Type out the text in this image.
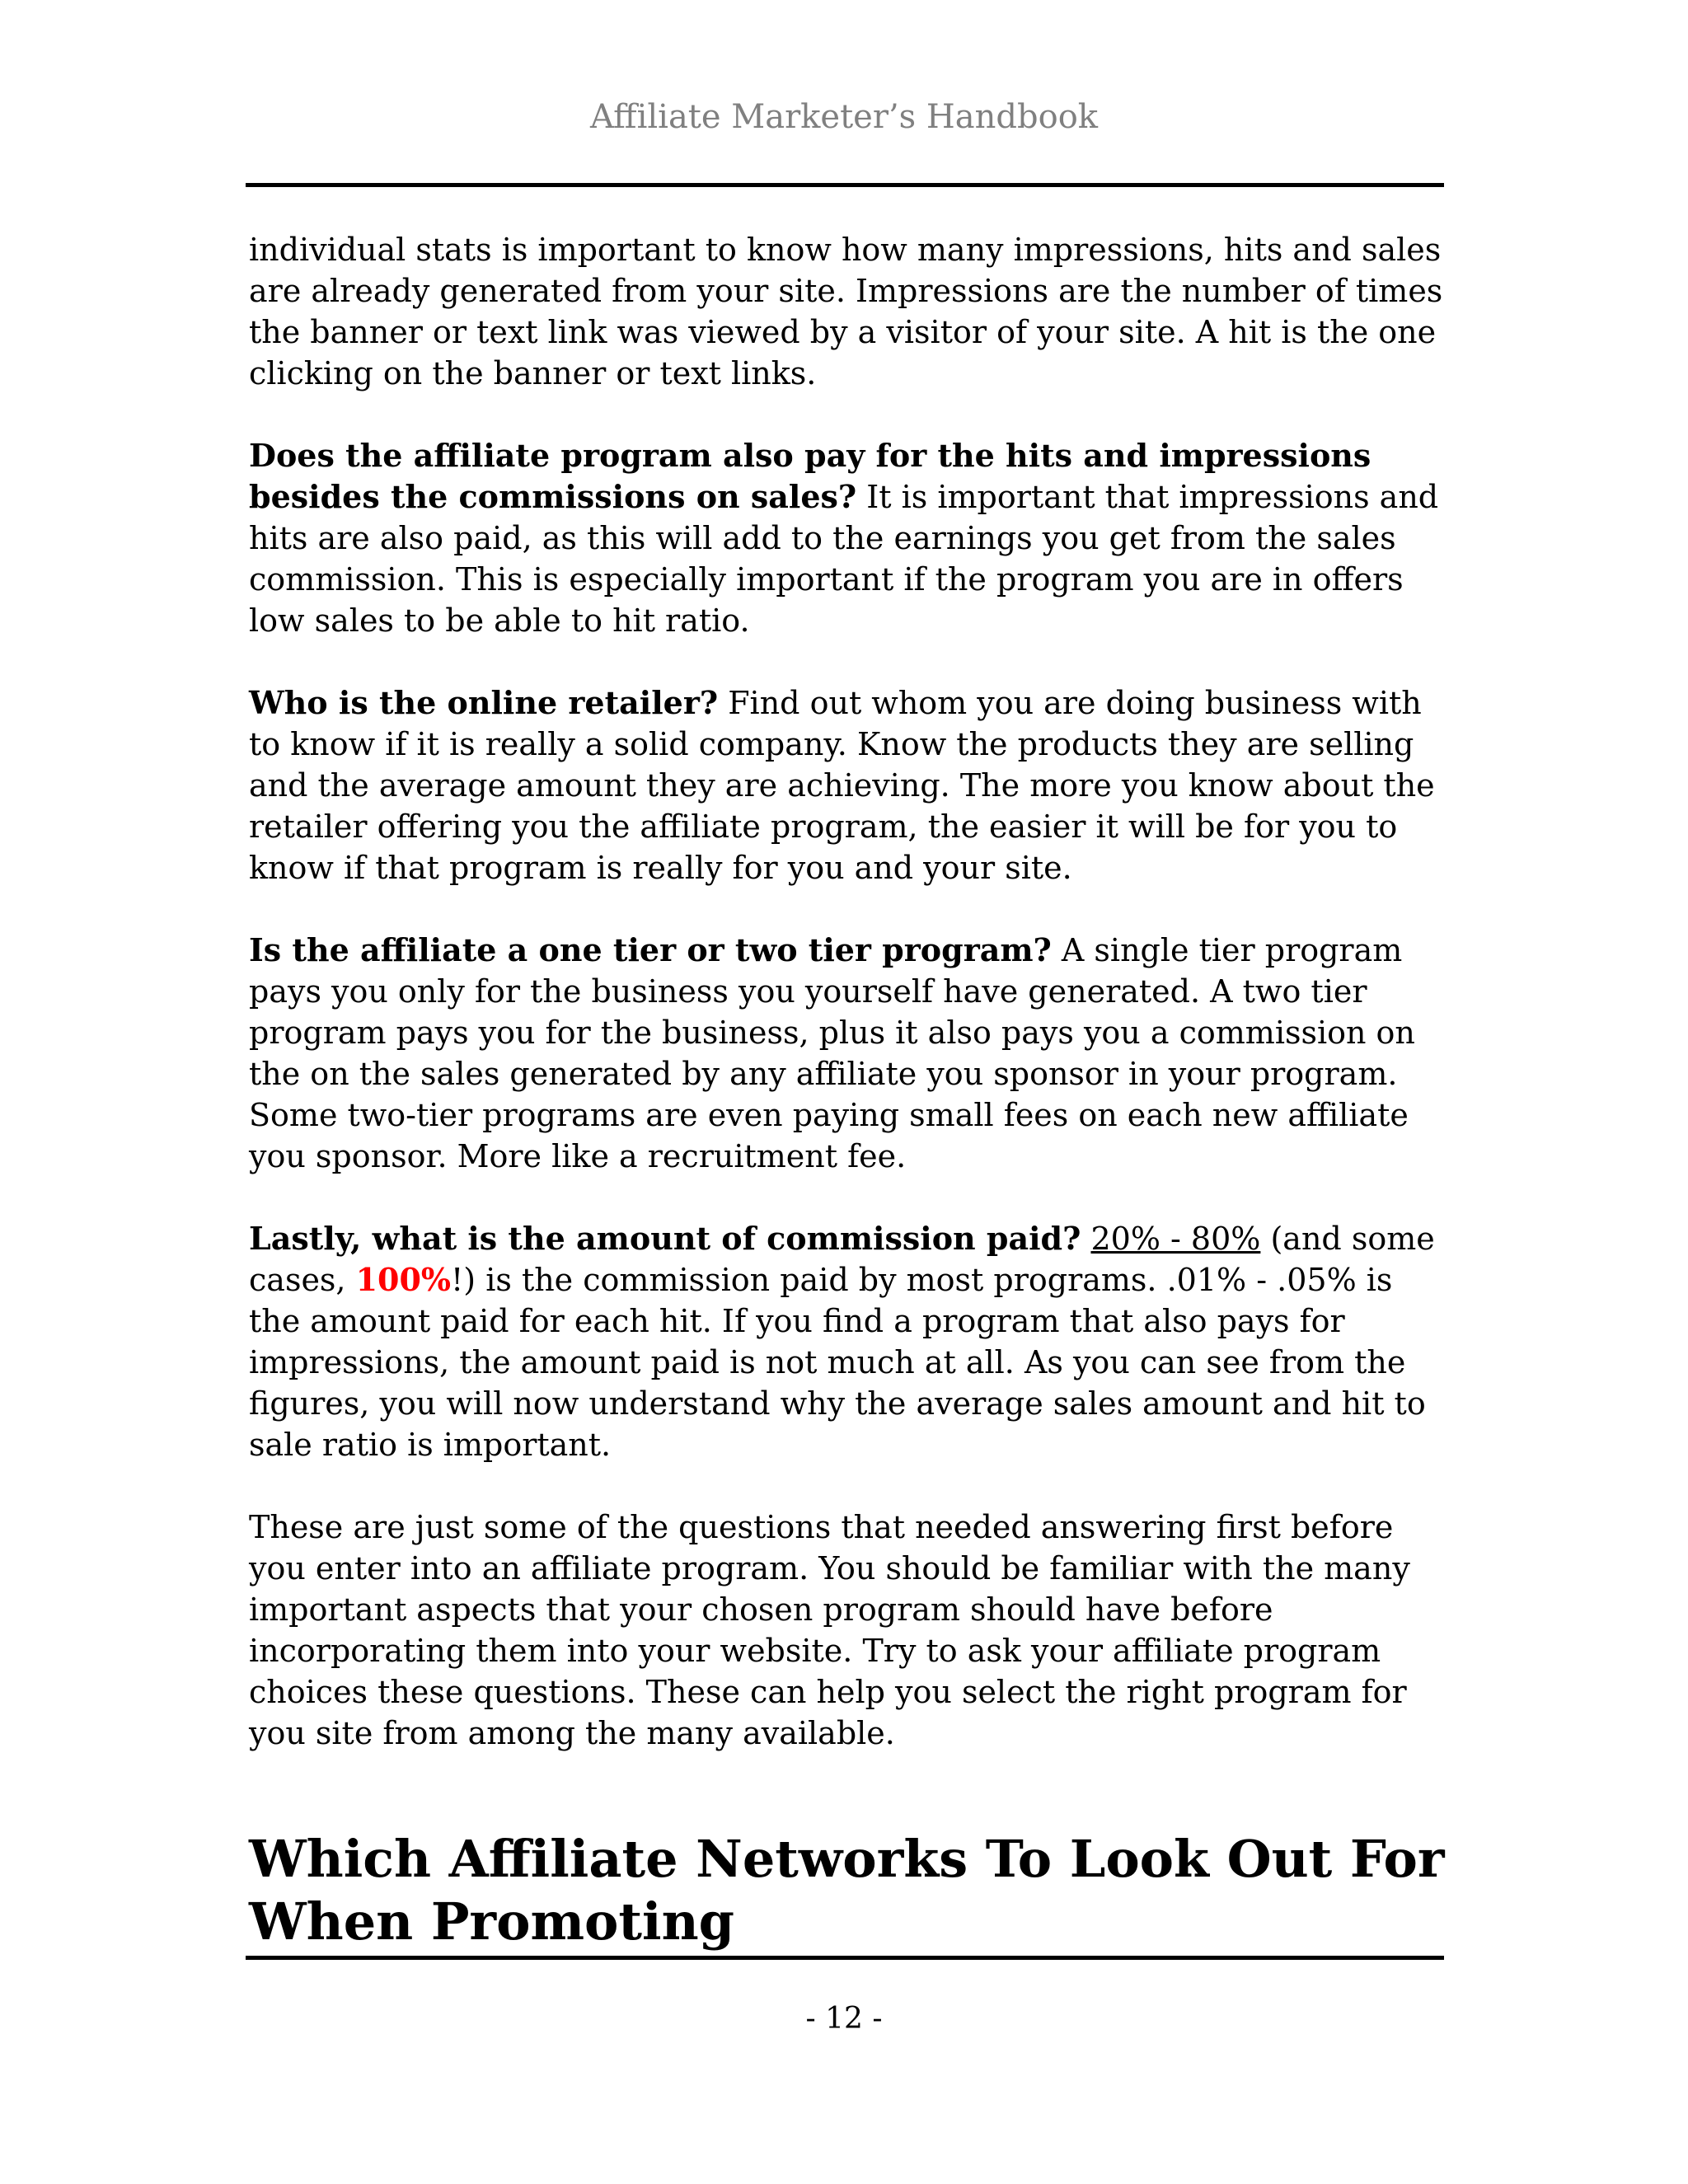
Affiliate Marketer’s Handbook

individual stats is important to know how many impressions, hits and sales are already generated from your site. Impressions are the number of times the banner or text link was viewed by a visitor of your site. A hit is the one clicking on the banner or text links.

Does the affiliate program also pay for the hits and impressions besides the commissions on sales? It is important that impressions and hits are also paid, as this will add to the earnings you get from the sales commission. This is especially important if the program you are in offers low sales to be able to hit ratio.

Who is the online retailer? Find out whom you are doing business with to know if it is really a solid company. Know the products they are selling and the average amount they are achieving. The more you know about the retailer offering you the affiliate program, the easier it will be for you to know if that program is really for you and your site.

Is the affiliate a one tier or two tier program? A single tier program pays you only for the business you yourself have generated. A two tier program pays you for the business, plus it also pays you a commission on the on the sales generated by any affiliate you sponsor in your program. Some two-tier programs are even paying small fees on each new affiliate you sponsor. More like a recruitment fee.

Lastly, what is the amount of commission paid? 20% - 80% (and some cases, 100%!) is the commission paid by most programs. .01% - .05% is the amount paid for each hit. If you find a program that also pays for impressions, the amount paid is not much at all. As you can see from the figures, you will now understand why the average sales amount and hit to sale ratio is important.

These are just some of the questions that needed answering first before you enter into an affiliate program. You should be familiar with the many important aspects that your chosen program should have before incorporating them into your website. Try to ask your affiliate program choices these questions. These can help you select the right program for you site from among the many available.

Which Affiliate Networks To Look Out For When Promoting
- 12 -
